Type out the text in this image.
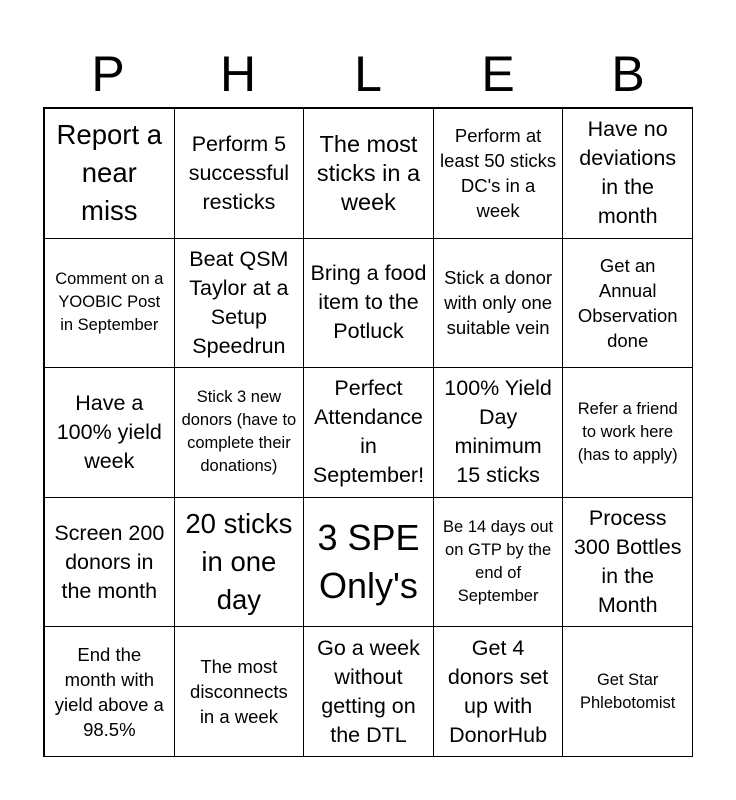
P	H	L	E	B
Report a near miss
Perform 5 successful resticks
The most sticks in a week
Perform at least 50 sticks DC's in a week
Have no deviations in the month
Comment on a YOOBIC Post in September
Beat QSM Taylor at a Setup Speedrun
Bring a food item to the Potluck
Stick a donor with only one suitable vein
Get an Annual Observation done
Have a 100% yield week
Stick 3 new donors (have to complete their donations)
Perfect Attendance in September!
100% Yield Day minimum 15 sticks
Refer a friend to work here (has to apply)
Screen 200 donors in the month
20 sticks in one day
3 SPE Only's
Be 14 days out on GTP by the end of September
Process 300 Bottles in the Month
End the month with yield above a 98.5%
The most disconnects in a week
Go a week without getting on the DTL
Get 4 donors set up with DonorHub
Get Star Phlebotomist
